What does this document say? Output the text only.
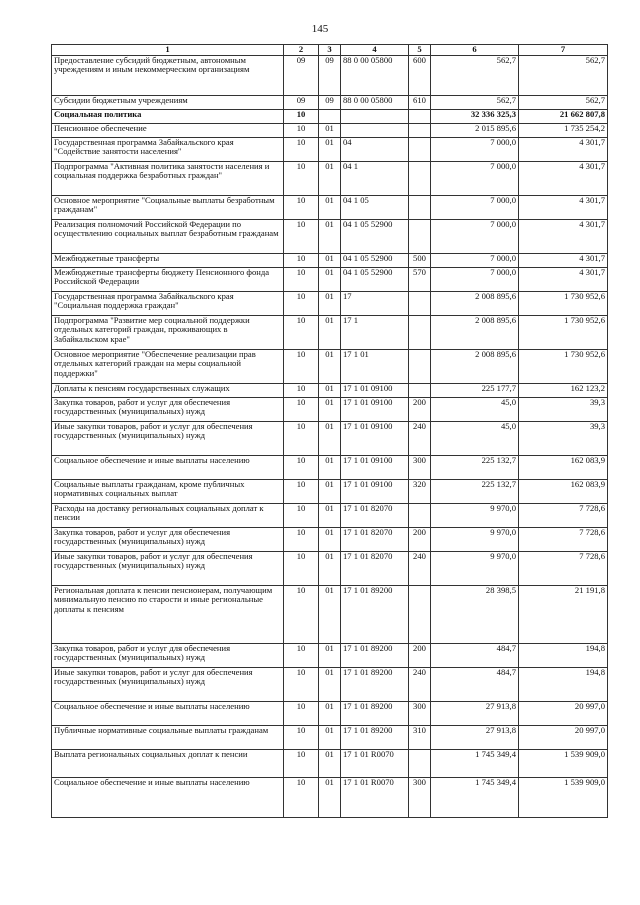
145
1	2	3	4	5	6	7
Предоставление субсидий бюджетным, автономным учреждениям и иным некоммерческим организациям	09	09	88 0 00 05800	600	562,7	562,7
Субсидии бюджетным учреждениям	09	09	88 0 00 05800	610	562,7	562,7
Социальная политика	10				32 336 325,3	21 662 807,8
Пенсионное обеспечение	10	01			2 015 895,6	1 735 254,2
Государственная программа Забайкальского края "Содействие занятости населения"	10	01	04		7 000,0	4 301,7
Подпрограмма "Активная политика занятости населения и социальная поддержка безработных граждан"	10	01	04 1		7 000,0	4 301,7
Основное мероприятие "Социальные выплаты безработным гражданам"	10	01	04 1 05		7 000,0	4 301,7
Реализация полномочий Российской Федерации по осуществлению социальных выплат безработным гражданам	10	01	04 1 05 52900		7 000,0	4 301,7
Межбюджетные трансферты	10	01	04 1 05 52900	500	7 000,0	4 301,7
Межбюджетные трансферты бюджету Пенсионного фонда Российской Федерации	10	01	04 1 05 52900	570	7 000,0	4 301,7
Государственная программа Забайкальского края "Социальная поддержка граждан"	10	01	17		2 008 895,6	1 730 952,6
Подпрограмма "Развитие мер социальной поддержки отдельных категорий граждан, проживающих в Забайкальском крае"	10	01	17 1		2 008 895,6	1 730 952,6
Основное мероприятие "Обеспечение реализации прав отдельных категорий граждан на меры социальной поддержки"	10	01	17 1 01		2 008 895,6	1 730 952,6
Доплаты к пенсиям государственных служащих	10	01	17 1 01 09100		225 177,7	162 123,2
Закупка товаров, работ и услуг для обеспечения государственных (муниципальных) нужд	10	01	17 1 01 09100	200	45,0	39,3
Иные закупки товаров, работ и услуг для обеспечения государственных (муниципальных) нужд	10	01	17 1 01 09100	240	45,0	39,3
Социальное обеспечение и иные выплаты населению	10	01	17 1 01 09100	300	225 132,7	162 083,9
Социальные выплаты гражданам, кроме публичных нормативных социальных выплат	10	01	17 1 01 09100	320	225 132,7	162 083,9
Расходы на доставку региональных социальных доплат к пенсии	10	01	17 1 01 82070		9 970,0	7 728,6
Закупка товаров, работ и услуг для обеспечения государственных (муниципальных) нужд	10	01	17 1 01 82070	200	9 970,0	7 728,6
Иные закупки товаров, работ и услуг для обеспечения государственных (муниципальных) нужд	10	01	17 1 01 82070	240	9 970,0	7 728,6
Региональная доплата к пенсии пенсионерам, получающим минимальную пенсию по старости и иные региональные доплаты к пенсиям	10	01	17 1 01 89200		28 398,5	21 191,8
Закупка товаров, работ и услуг для обеспечения государственных (муниципальных) нужд	10	01	17 1 01 89200	200	484,7	194,8
Иные закупки товаров, работ и услуг для обеспечения государственных (муниципальных) нужд	10	01	17 1 01 89200	240	484,7	194,8
Социальное обеспечение и иные выплаты населению	10	01	17 1 01 89200	300	27 913,8	20 997,0
Публичные нормативные социальные выплаты гражданам	10	01	17 1 01 89200	310	27 913,8	20 997,0
Выплата региональных социальных доплат к пенсии	10	01	17 1 01 R0070		1 745 349,4	1 539 909,0
Социальное обеспечение и иные выплаты населению	10	01	17 1 01 R0070	300	1 745 349,4	1 539 909,0
